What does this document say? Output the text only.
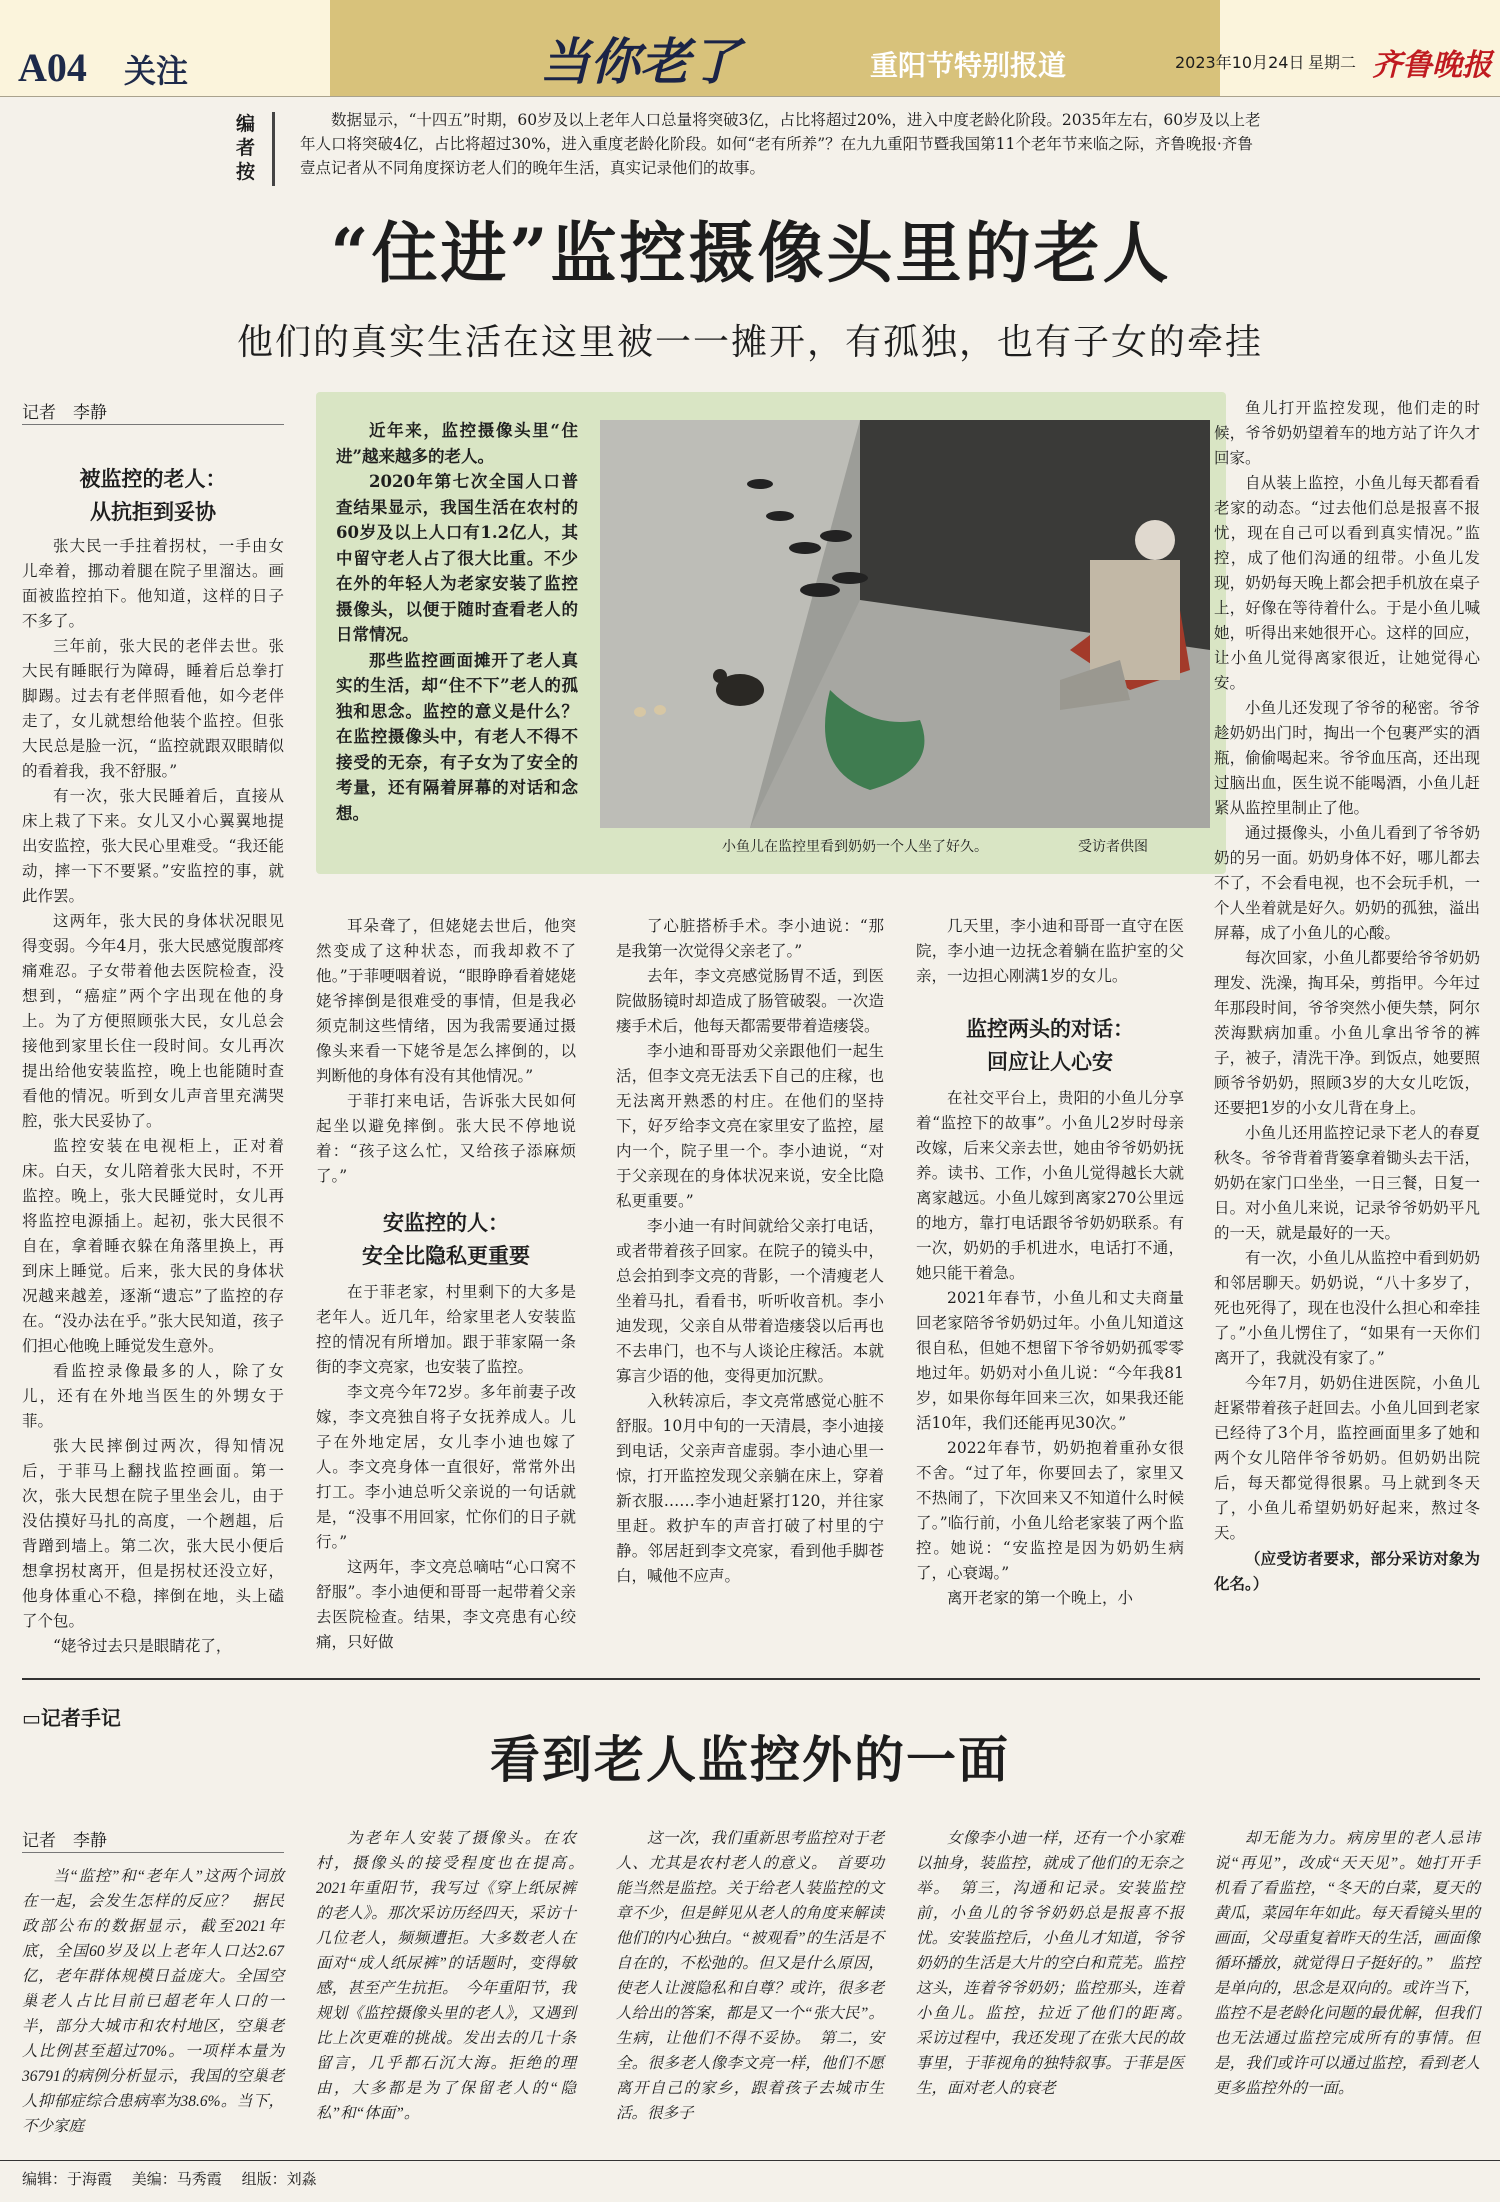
A04 关注	当你老了	重阳节特别报道	2023年10月24日 星期二 齐鲁晚报
编者按
数据显示，“十四五”时期，60岁及以上老年人口总量将突破3亿，占比将超过20%，进入中度老龄化阶段。2035年左右，60岁及以上老年人口将突破4亿，占比将超过30%，进入重度老龄化阶段。如何“老有所养”？在九九重阳节暨我国第11个老年节来临之际，齐鲁晚报·齐鲁壹点记者从不同角度探访老人们的晚年生活，真实记录他们的故事。
“住进”监控摄像头里的老人
他们的真实生活在这里被一一摊开，有孤独，也有子女的牵挂
记者　李静
被监控的老人：
从抗拒到妥协

张大民一手拄着拐杖，一手由女儿牵着，挪动着腿在院子里溜达。画面被监控拍下。他知道，这样的日子不多了。

三年前，张大民的老伴去世。张大民有睡眠行为障碍，睡着后总拳打脚踢。过去有老伴照看他，如今老伴走了，女儿就想给他装个监控。但张大民总是脸一沉，“监控就跟双眼睛似的看着我，我不舒服。”

有一次，张大民睡着后，直接从床上栽了下来。女儿又小心翼翼地提出安监控，张大民心里难受。“我还能动，摔一下不要紧。”安监控的事，就此作罢。

这两年，张大民的身体状况眼见得变弱。今年4月，张大民感觉腹部疼痛难忍。子女带着他去医院检查，没想到，“癌症”两个字出现在他的身上。为了方便照顾张大民，女儿总会接他到家里长住一段时间。女儿再次提出给他安装监控，晚上也能随时查看他的情况。听到女儿声音里充满哭腔，张大民妥协了。

监控安装在电视柜上，正对着床。白天，女儿陪着张大民时，不开监控。晚上，张大民睡觉时，女儿再将监控电源插上。起初，张大民很不自在，拿着睡衣躲在角落里换上，再到床上睡觉。后来，张大民的身体状况越来越差，逐渐“遗忘”了监控的存在。“没办法在乎。”张大民知道，孩子们担心他晚上睡觉发生意外。

看监控录像最多的人，除了女儿，还有在外地当医生的外甥女于菲。

张大民摔倒过两次，得知情况后，于菲马上翻找监控画面。第一次，张大民想在院子里坐会儿，由于没估摸好马扎的高度，一个趔趄，后背蹭到墙上。第二次，张大民小便后想拿拐杖离开，但是拐杖还没立好，他身体重心不稳，摔倒在地，头上磕了个包。

“姥爷过去只是眼睛花了，

近年来，监控摄像头里“住进”越来越多的老人。
2020年第七次全国人口普查结果显示，我国生活在农村的60岁及以上人口有1.2亿人，其中留守老人占了很大比重。不少在外的年轻人为老家安装了监控摄像头，以便于随时查看老人的日常情况。
那些监控画面摊开了老人真实的生活，却“住不下”老人的孤独和思念。监控的意义是什么？在监控摄像头中，有老人不得不接受的无奈，有子女为了安全的考量，还有隔着屏幕的对话和念想。
小鱼儿在监控里看到奶奶一个人坐了好久。	受访者供图

耳朵聋了，但姥姥去世后，他突然变成了这种状态，而我却救不了他。”于菲哽咽着说，“眼睁睁看着姥姥姥爷摔倒是很难受的事情，但是我必须克制这些情绪，因为我需要通过摄像头来看一下姥爷是怎么摔倒的，以判断他的身体有没有其他情况。”

于菲打来电话，告诉张大民如何起坐以避免摔倒。张大民不停地说着：“孩子这么忙，又给孩子添麻烦了。”

安监控的人：
安全比隐私更重要

在于菲老家，村里剩下的大多是老年人。近几年，给家里老人安装监控的情况有所增加。跟于菲家隔一条街的李文亮家，也安装了监控。

李文亮今年72岁。多年前妻子改嫁，李文亮独自将子女抚养成人。儿子在外地定居，女儿李小迪也嫁了人。李文亮身体一直很好，常常外出打工。李小迪总听父亲说的一句话就是，“没事不用回家，忙你们的日子就行。”

这两年，李文亮总嘀咕“心口窝不舒服”。李小迪便和哥哥一起带着父亲去医院检查。结果，李文亮患有心绞痛，只好做

了心脏搭桥手术。李小迪说：“那是我第一次觉得父亲老了。”

去年，李文亮感觉肠胃不适，到医院做肠镜时却造成了肠管破裂。一次造瘘手术后，他每天都需要带着造瘘袋。

李小迪和哥哥劝父亲跟他们一起生活，但李文亮无法丢下自己的庄稼，也无法离开熟悉的村庄。在他们的坚持下，好歹给李文亮在家里安了监控，屋内一个，院子里一个。李小迪说，“对于父亲现在的身体状况来说，安全比隐私更重要。”

李小迪一有时间就给父亲打电话，或者带着孩子回家。在院子的镜头中，总会拍到李文亮的背影，一个清瘦老人坐着马扎，看看书，听听收音机。李小迪发现，父亲自从带着造瘘袋以后再也不去串门，也不与人谈论庄稼活。本就寡言少语的他，变得更加沉默。

入秋转凉后，李文亮常感觉心脏不舒服。10月中旬的一天清晨，李小迪接到电话，父亲声音虚弱。李小迪心里一惊，打开监控发现父亲躺在床上，穿着新衣服……李小迪赶紧打120，并往家里赶。救护车的声音打破了村里的宁静。邻居赶到李文亮家，看到他手脚苍白，喊他不应声。

几天里，李小迪和哥哥一直守在医院，李小迪一边抚念着躺在监护室的父亲，一边担心刚满1岁的女儿。

监控两头的对话：
回应让人心安

在社交平台上，贵阳的小鱼儿分享着“监控下的故事”。小鱼儿2岁时母亲改嫁，后来父亲去世，她由爷爷奶奶抚养。读书、工作，小鱼儿觉得越长大就离家越远。小鱼儿嫁到离家270公里远的地方，靠打电话跟爷爷奶奶联系。有一次，奶奶的手机进水，电话打不通，她只能干着急。

2021年春节，小鱼儿和丈夫商量回老家陪爷爷奶奶过年。小鱼儿知道这很自私，但她不想留下爷爷奶奶孤零零地过年。奶奶对小鱼儿说：“今年我81岁，如果你每年回来三次，如果我还能活10年，我们还能再见30次。”

2022年春节，奶奶抱着重孙女很不舍。“过了年，你要回去了，家里又不热闹了，下次回来又不知道什么时候了。”临行前，小鱼儿给老家装了两个监控。她说：“安监控是因为奶奶生病了，心衰竭。”

离开老家的第一个晚上，小

鱼儿打开监控发现，他们走的时候，爷爷奶奶望着车的地方站了许久才回家。

自从装上监控，小鱼儿每天都看看老家的动态。“过去他们总是报喜不报忧，现在自己可以看到真实情况。”监控，成了他们沟通的纽带。小鱼儿发现，奶奶每天晚上都会把手机放在桌子上，好像在等待着什么。于是小鱼儿喊她，听得出来她很开心。这样的回应，让小鱼儿觉得离家很近，让她觉得心安。

小鱼儿还发现了爷爷的秘密。爷爷趁奶奶出门时，掏出一个包裹严实的酒瓶，偷偷喝起来。爷爷血压高，还出现过脑出血，医生说不能喝酒，小鱼儿赶紧从监控里制止了他。

通过摄像头，小鱼儿看到了爷爷奶奶的另一面。奶奶身体不好，哪儿都去不了，不会看电视，也不会玩手机，一个人坐着就是好久。奶奶的孤独，溢出屏幕，成了小鱼儿的心酸。

每次回家，小鱼儿都要给爷爷奶奶理发、洗澡，掏耳朵，剪指甲。今年过年那段时间，爷爷突然小便失禁，阿尔茨海默病加重。小鱼儿拿出爷爷的裤子，被子，清洗干净。到饭点，她要照顾爷爷奶奶，照顾3岁的大女儿吃饭，还要把1岁的小女儿背在身上。

小鱼儿还用监控记录下老人的春夏秋冬。爷爷背着背篓拿着锄头去干活，奶奶在家门口坐坐，一日三餐，日复一日。对小鱼儿来说，记录爷爷奶奶平凡的一天，就是最好的一天。

有一次，小鱼儿从监控中看到奶奶和邻居聊天。奶奶说，“八十多岁了，死也死得了，现在也没什么担心和牵挂了。”小鱼儿愣住了，“如果有一天你们离开了，我就没有家了。”

今年7月，奶奶住进医院，小鱼儿赶紧带着孩子赶回去。小鱼儿回到老家已经待了3个月，监控画面里多了她和两个女儿陪伴爷爷奶奶。但奶奶出院后，每天都觉得很累。马上就到冬天了，小鱼儿希望奶奶好起来，熬过冬天。

（应受访者要求，部分采访对象为化名。）

▭记者手记
看到老人监控外的一面
记者　李静
当“监控”和“老年人”这两个词放在一起，会发生怎样的反应？　据民政部公布的数据显示，截至2021年底，全国60岁及以上老年人口达2.67亿，老年群体规模日益庞大。全国空巢老人占比目前已超老年人口的一半，部分大城市和农村地区，空巢老人比例甚至超过70%。一项样本量为36791的病例分析显示，我国的空巢老人抑郁症综合患病率为38.6%。当下，不少家庭
为老年人安装了摄像头。在农村，摄像头的接受程度也在提高。　2021年重阳节，我写过《穿上纸尿裤的老人》。那次采访历经四天，采访十几位老人，频频遭拒。大多数老人在面对“成人纸尿裤”的话题时，变得敏感，甚至产生抗拒。　今年重阳节，我规划《监控摄像头里的老人》，又遇到比上次更难的挑战。发出去的几十条留言，几乎都石沉大海。拒绝的理由，大多都是为了保留老人的“隐私”和“体面”。
这一次，我们重新思考监控对于老人、尤其是农村老人的意义。　首要功能当然是监控。关于给老人装监控的文章不少，但是鲜见从老人的角度来解读他们的内心独白。“被观看”的生活是不自在的，不松弛的。但又是什么原因，使老人让渡隐私和自尊？或许，很多老人给出的答案，都是又一个“张大民”。生病，让他们不得不妥协。　第二，安全。很多老人像李文亮一样，他们不愿离开自己的家乡，跟着孩子去城市生活。很多子
女像李小迪一样，还有一个小家难以抽身，装监控，就成了他们的无奈之举。　第三，沟通和记录。安装监控前，小鱼儿的爷爷奶奶总是报喜不报忧。安装监控后，小鱼儿才知道，爷爷奶奶的生活是大片的空白和荒芜。监控这头，连着爷爷奶奶；监控那头，连着小鱼儿。监控，拉近了他们的距离。　采访过程中，我还发现了在张大民的故事里，于菲视角的独特叙事。于菲是医生，面对老人的衰老
却无能为力。病房里的老人忌讳说“再见”，改成“天天见”。她打开手机看了看监控，“冬天的白菜，夏天的黄瓜，菜园年年如此。每天看镜头里的画面，父母重复着昨天的生活，画面像循环播放，就觉得日子挺好的。”　监控是单向的，思念是双向的。或许当下，监控不是老龄化问题的最优解，但我们也无法通过监控完成所有的事情。但是，我们或许可以通过监控，看到老人更多监控外的一面。
编辑：于海霞　 美编：马秀霞　 组版：刘淼
